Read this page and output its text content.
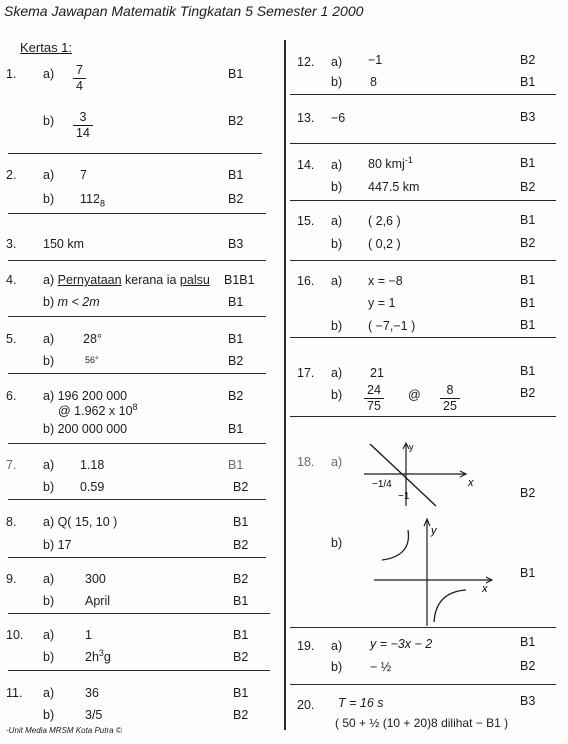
Skema Jawapan Matematik Tingkatan 5 Semester 1 2000
Kertas 1:
1. $a) \frac{7}{4}$	B1
$b) \frac{3}{14}$	B2
2. a) 7	B1
b) $112_8$	B2
3. 150 km	B3
4. a) Pernyataan kerana ia palsu B1B1
b) m < 2m	B1
5. a) 28°	B1
b)	56°	B2
6. a) 196 200 000
@ 1.962 x $10^8$
B2
b) 200 000 000	B1
7. a) 1.18	B1
b) 0.59	B2
8. a) Q( 15, 10 )	B1
b) 17	B2
9. a) 300	B2
b) April	B1
10. a) 1	B1
b) $2h^3g$	B2
11. a) 36	B1
b) 3/5	B2
-Unit Media MRSM Kota Putra ©
12. a) −1	B2
b) 8	B1
13. −6	B3
14. a) 80 kmj$^{-1}$	B1
b) 447.5 km	B2
15. a) ( 2,6 )	B1
b) ( 0,2 )	B2
16. a) x = −8	B1
y = 1	B1
b) ( −7,−1 )	B1
17. a) 21	B1
$b) \frac{24}{75}$ @ $\frac{8}{25}$	B2
18. a)
y
x
−1/4
−1	B2
b)
y
x
B1
19. a) y = −3x − 2	B1
b) − ½	B2
20. T = 16 s	B3
( 50 + ½ (10 + 20)8 dilihat − B1 )
